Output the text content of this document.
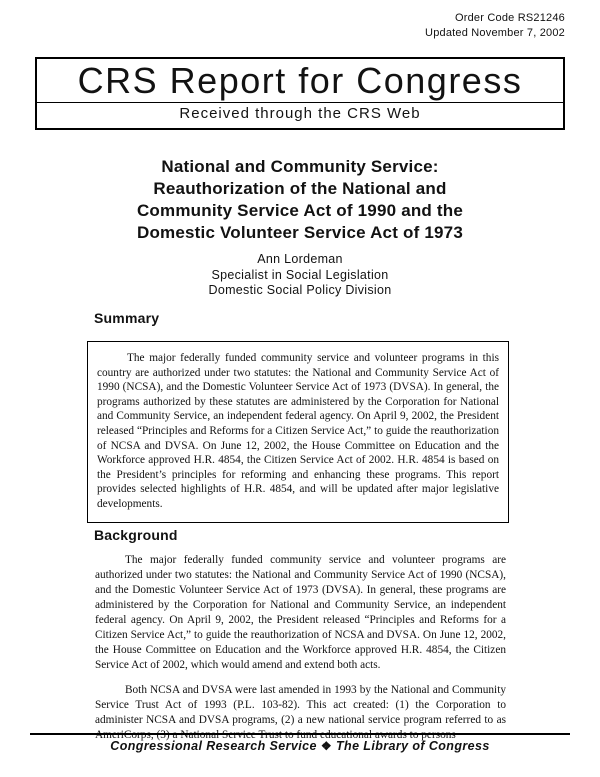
Order Code RS21246
Updated November 7, 2002
CRS Report for Congress
Received through the CRS Web
National and Community Service:
Reauthorization of the National and
Community Service Act of 1990 and the
Domestic Volunteer Service Act of 1973
Ann Lordeman
Specialist in Social Legislation
Domestic Social Policy Division
Summary

The major federally funded community service and volunteer programs in this country are authorized under two statutes: the National and Community Service Act of 1990 (NCSA), and the Domestic Volunteer Service Act of 1973 (DVSA). In general, the programs authorized by these statutes are administered by the Corporation for National and Community Service, an independent federal agency. On April 9, 2002, the President released “Principles and Reforms for a Citizen Service Act,” to guide the reauthorization of NCSA and DVSA. On June 12, 2002, the House Committee on Education and the Workforce approved H.R. 4854, the Citizen Service Act of 2002. H.R. 4854 is based on the President’s principles for reforming and enhancing these programs. This report provides selected highlights of H.R. 4854, and will be updated after major legislative developments.

Background

The major federally funded community service and volunteer programs are authorized under two statutes: the National and Community Service Act of 1990 (NCSA), and the Domestic Volunteer Service Act of 1973 (DVSA). In general, these programs are administered by the Corporation for National and Community Service, an independent federal agency. On April 9, 2002, the President released “Principles and Reforms for a Citizen Service Act,” to guide the reauthorization of NCSA and DVSA. On June 12, 2002, the House Committee on Education and the Workforce approved H.R. 4854, the Citizen Service Act of 2002, which would amend and extend both acts.

Both NCSA and DVSA were last amended in 1993 by the National and Community Service Trust Act of 1993 (P.L. 103-82). This act created: (1) the Corporation to administer NCSA and DVSA programs, (2) a new national service program referred to as AmeriCorps, (3) a National Service Trust to fund educational awards to persons

Congressional Research Service ❖ The Library of Congress
